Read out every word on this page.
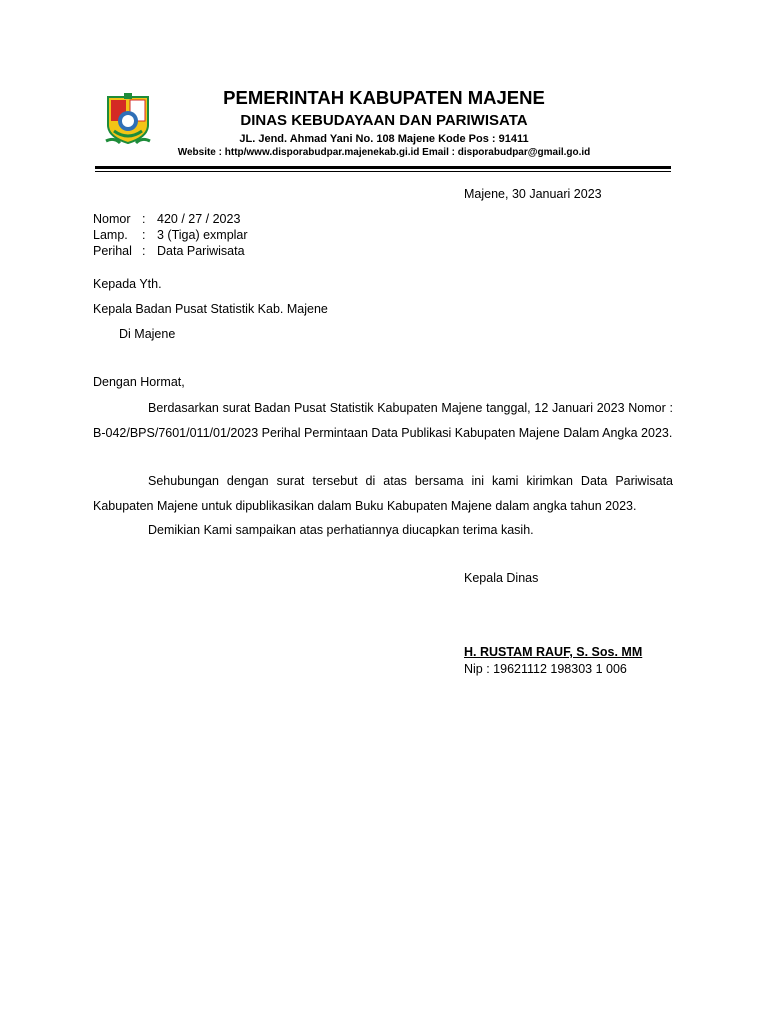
PEMERINTAH KABUPATEN MAJENE
DINAS KEBUDAYAAN DAN PARIWISATA
JL. Jend. Ahmad Yani No. 108 Majene Kode Pos : 91411
Website : http/www.disporabudpar.majenekab.gi.id Email : disporabudpar@gmail.go.id
Majene, 30 Januari 2023
Nomor : 420 / 27 / 2023
Lamp. : 3 (Tiga) exmplar
Perihal : Data Pariwisata
Kepada Yth.
Kepala Badan Pusat Statistik Kab. Majene
Di Majene
Dengan Hormat,
Berdasarkan surat Badan Pusat Statistik Kabupaten Majene tanggal, 12 Januari 2023 Nomor : B-042/BPS/7601/011/01/2023 Perihal Permintaan Data Publikasi Kabupaten Majene Dalam Angka 2023.
Sehubungan dengan surat tersebut di atas bersama ini kami kirimkan Data Pariwisata Kabupaten Majene untuk dipublikasikan dalam Buku Kabupaten Majene dalam angka tahun 2023.
Demikian Kami sampaikan atas perhatiannya diucapkan terima kasih.
Kepala Dinas
H. RUSTAM RAUF, S. Sos. MM
Nip : 19621112 198303 1 006
